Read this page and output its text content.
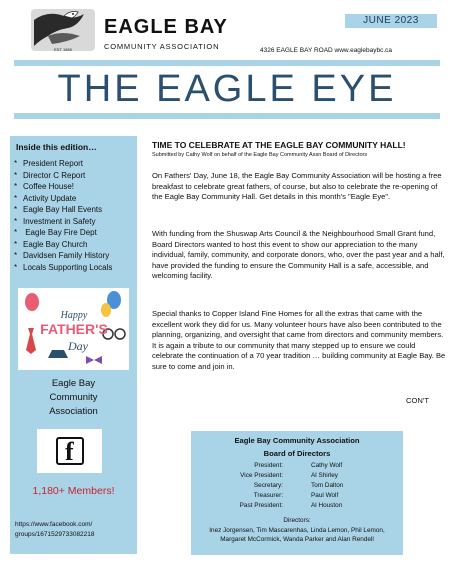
EST 1985
EAGLE BAY
COMMUNITY ASSOCIATION
JUNE 2023
4326 EAGLE BAY ROAD www.eaglebaybc.ca
THE EAGLE EYE
Inside this edition…
* President Report
* Director C Report
* Coffee House!
* Activity Update
* Eagle Bay Hall Events
* Investment in Safety
* Eagle Bay Fire Dept
* Eagle Bay Church
* Davidsen Family History
* Locals Supporting Locals
Happy
FATHER'S
Day
Eagle Bay
Community
Association
f
1,180+ Members!
https://www.facebook.com/
groups/1671529733082218
TIME TO CELEBRATE AT THE EAGLE BAY COMMUNITY HALL!
Submitted by Cathy Wolf on behalf of the Eagle Bay Community Assn Board of Directors

On Fathers' Day, June 18, the Eagle Bay Community Association will be hosting a free breakfast to celebrate great fathers, of course, but also to celebrate the re-opening of the Eagle Bay Community Hall. Get details in this month's "Eagle Eye".

With funding from the Shuswap Arts Council & the Neighbourhood Small Grant fund, Board Directors wanted to host this event to show our appreciation to the many individual, family, community, and corporate donors, who, over the past year and a half, have provided the funding to ensure the Community Hall is a safe, accessible, and welcoming facility.

Special thanks to Copper Island Fine Homes for all the extras that came with the excellent work they did for us. Many volunteer hours have also been contributed to the planning, organizing, and oversight that came from directors and community members. It is again a tribute to our community that many stepped up to ensure we could celebrate the continuation of a 70 year tradition … building community at Eagle Bay. Be sure to come and join in.

CON'T
Eagle Bay Community Association
Board of Directors
President:	Cathy Wolf
Vice President:	Al Shirley
Secretary:	Tom Dalton
Treasurer:	Paul Wolf
Past President:	Al Houston
Directors:
Inez Jorgensen, Tim Mascarenhas, Linda Lemon, Phil Lemon, Margaret McCormick, Wanda Parker and Alan Rendell
